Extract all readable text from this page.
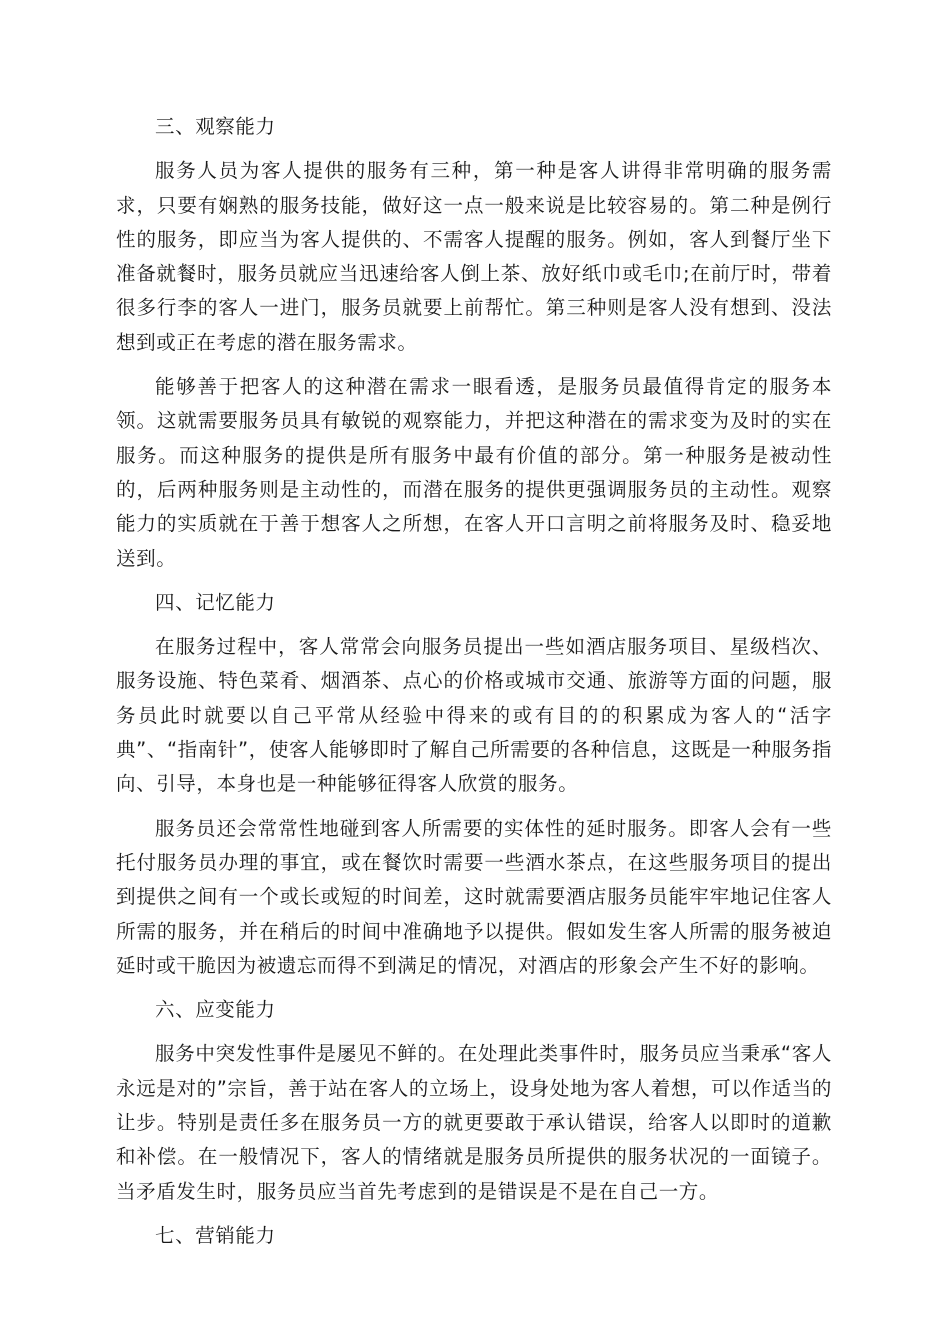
三、观察能力

服务人员为客人提供的服务有三种，第一种是客人讲得非常明确的服务需求，只要有娴熟的服务技能，做好这一点一般来说是比较容易的。第二种是例行性的服务，即应当为客人提供的、不需客人提醒的服务。例如，客人到餐厅坐下准备就餐时，服务员就应当迅速给客人倒上茶、放好纸巾或毛巾;在前厅时，带着很多行李的客人一进门，服务员就要上前帮忙。第三种则是客人没有想到、没法想到或正在考虑的潜在服务需求。

能够善于把客人的这种潜在需求一眼看透，是服务员最值得肯定的服务本领。这就需要服务员具有敏锐的观察能力，并把这种潜在的需求变为及时的实在服务。而这种服务的提供是所有服务中最有价值的部分。第一种服务是被动性的，后两种服务则是主动性的，而潜在服务的提供更强调服务员的主动性。观察能力的实质就在于善于想客人之所想，在客人开口言明之前将服务及时、稳妥地送到。

四、记忆能力

在服务过程中，客人常常会向服务员提出一些如酒店服务项目、星级档次、服务设施、特色菜肴、烟酒茶、点心的价格或城市交通、旅游等方面的问题，服务员此时就要以自己平常从经验中得来的或有目的的积累成为客人的“活字典”、“指南针”，使客人能够即时了解自己所需要的各种信息，这既是一种服务指向、引导，本身也是一种能够征得客人欣赏的服务。

服务员还会常常性地碰到客人所需要的实体性的延时服务。即客人会有一些托付服务员办理的事宜，或在餐饮时需要一些酒水茶点，在这些服务项目的提出到提供之间有一个或长或短的时间差，这时就需要酒店服务员能牢牢地记住客人所需的服务，并在稍后的时间中准确地予以提供。假如发生客人所需的服务被迫延时或干脆因为被遗忘而得不到满足的情况，对酒店的形象会产生不好的影响。

六、应变能力

服务中突发性事件是屡见不鲜的。在处理此类事件时，服务员应当秉承“客人永远是对的”宗旨，善于站在客人的立场上，设身处地为客人着想，可以作适当的让步。特别是责任多在服务员一方的就更要敢于承认错误，给客人以即时的道歉和补偿。在一般情况下，客人的情绪就是服务员所提供的服务状况的一面镜子。当矛盾发生时，服务员应当首先考虑到的是错误是不是在自己一方。

七、营销能力
